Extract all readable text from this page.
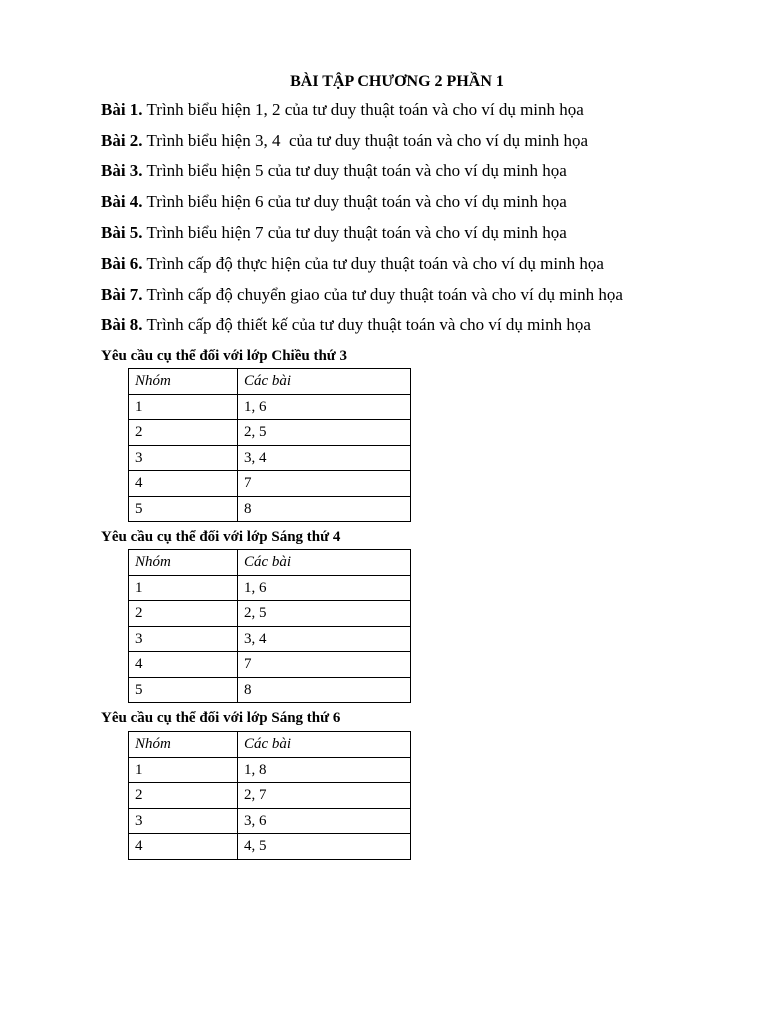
BÀI TẬP CHƯƠNG 2 PHẦN 1
Bài 1. Trình biểu hiện 1, 2 của tư duy thuật toán và cho ví dụ minh họa
Bài 2. Trình biểu hiện 3, 4  của tư duy thuật toán và cho ví dụ minh họa
Bài 3. Trình biểu hiện 5 của tư duy thuật toán và cho ví dụ minh họa
Bài 4. Trình biểu hiện 6 của tư duy thuật toán và cho ví dụ minh họa
Bài 5. Trình biểu hiện 7 của tư duy thuật toán và cho ví dụ minh họa
Bài 6. Trình cấp độ thực hiện của tư duy thuật toán và cho ví dụ minh họa
Bài 7. Trình cấp độ chuyển giao của tư duy thuật toán và cho ví dụ minh họa
Bài 8. Trình cấp độ thiết kế của tư duy thuật toán và cho ví dụ minh họa
Yêu cầu cụ thể đối với lớp Chiều thứ 3
Nhóm	Các bài
1	1, 6
2	2, 5
3	3, 4
4	7
5	8
Yêu cầu cụ thể đối với lớp Sáng thứ 4
Nhóm	Các bài
1	1, 6
2	2, 5
3	3, 4
4	7
5	8
Yêu cầu cụ thể đối với lớp Sáng thứ 6
Nhóm	Các bài
1	1, 8
2	2, 7
3	3, 6
4	4, 5
